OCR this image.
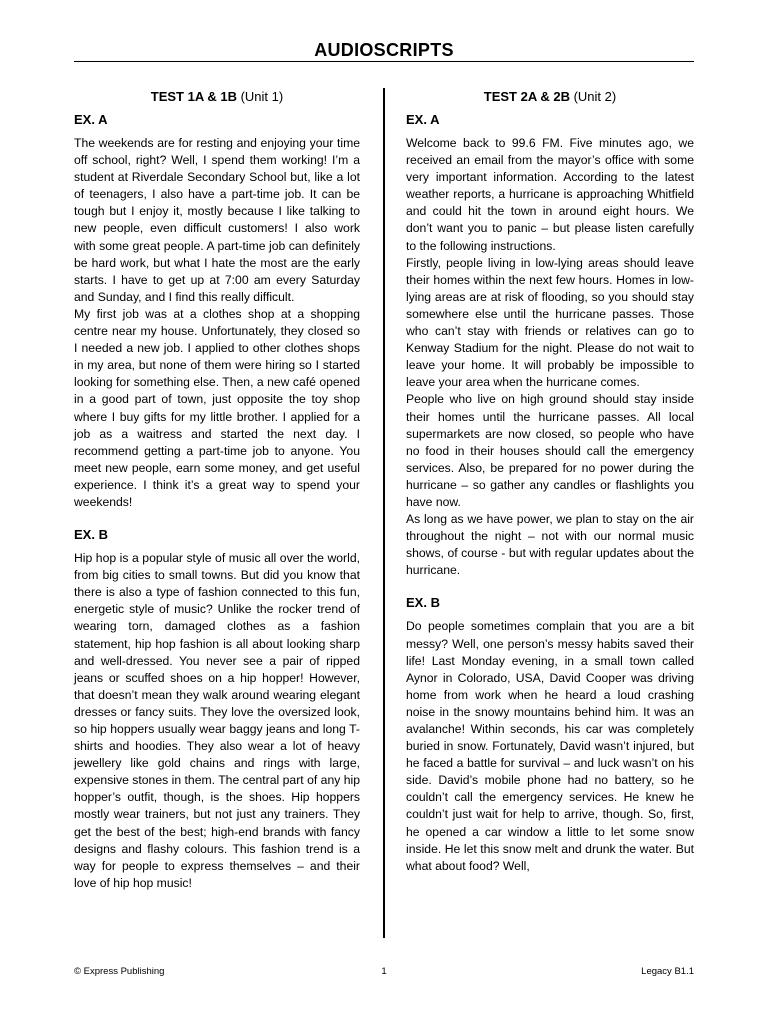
AUDIOSCRIPTS
TEST 1A & 1B (Unit 1)
EX. A

The weekends are for resting and enjoying your time off school, right? Well, I spend them working! I’m a student at Riverdale Secondary School but, like a lot of teenagers, I also have a part-time job. It can be tough but I enjoy it, mostly because I like talking to new people, even difficult customers! I also work with some great people. A part-time job can definitely be hard work, but what I hate the most are the early starts. I have to get up at 7:00 am every Saturday and Sunday, and I find this really difficult.

My first job was at a clothes shop at a shopping centre near my house. Unfortunately, they closed so I needed a new job. I applied to other clothes shops in my area, but none of them were hiring so I started looking for something else. Then, a new café opened in a good part of town, just opposite the toy shop where I buy gifts for my little brother. I applied for a job as a waitress and started the next day. I recommend getting a part-time job to anyone. You meet new people, earn some money, and get useful experience. I think it’s a great way to spend your weekends!

EX. B

Hip hop is a popular style of music all over the world, from big cities to small towns. But did you know that there is also a type of fashion connected to this fun, energetic style of music? Unlike the rocker trend of wearing torn, damaged clothes as a fashion statement, hip hop fashion is all about looking sharp and well-dressed. You never see a pair of ripped jeans or scuffed shoes on a hip hopper! However, that doesn’t mean they walk around wearing elegant dresses or fancy suits. They love the oversized look, so hip hoppers usually wear baggy jeans and long T-shirts and hoodies. They also wear a lot of heavy jewellery like gold chains and rings with large, expensive stones in them. The central part of any hip hopper’s outfit, though, is the shoes. Hip hoppers mostly wear trainers, but not just any trainers. They get the best of the best; high-end brands with fancy designs and flashy colours. This fashion trend is a way for people to express themselves – and their love of hip hop music!

TEST 2A & 2B (Unit 2)
EX. A

Welcome back to 99.6 FM. Five minutes ago, we received an email from the mayor’s office with some very important information. According to the latest weather reports, a hurricane is approaching Whitfield and could hit the town in around eight hours. We don’t want you to panic – but please listen carefully to the following instructions.

Firstly, people living in low-lying areas should leave their homes within the next few hours. Homes in low-lying areas are at risk of flooding, so you should stay somewhere else until the hurricane passes. Those who can’t stay with friends or relatives can go to Kenway Stadium for the night. Please do not wait to leave your home. It will probably be impossible to leave your area when the hurricane comes.

People who live on high ground should stay inside their homes until the hurricane passes. All local supermarkets are now closed, so people who have no food in their houses should call the emergency services. Also, be prepared for no power during the hurricane – so gather any candles or flashlights you have now.

As long as we have power, we plan to stay on the air throughout the night – not with our normal music shows, of course - but with regular updates about the hurricane.

EX. B

Do people sometimes complain that you are a bit messy? Well, one person’s messy habits saved their life! Last Monday evening, in a small town called Aynor in Colorado, USA, David Cooper was driving home from work when he heard a loud crashing noise in the snowy mountains behind him. It was an avalanche! Within seconds, his car was completely buried in snow. Fortunately, David wasn’t injured, but he faced a battle for survival – and luck wasn’t on his side. David’s mobile phone had no battery, so he couldn’t call the emergency services. He knew he couldn’t just wait for help to arrive, though. So, first, he opened a car window a little to let some snow inside. He let this snow melt and drunk the water. But what about food? Well,

© Express Publishing	1	Legacy B1.1
